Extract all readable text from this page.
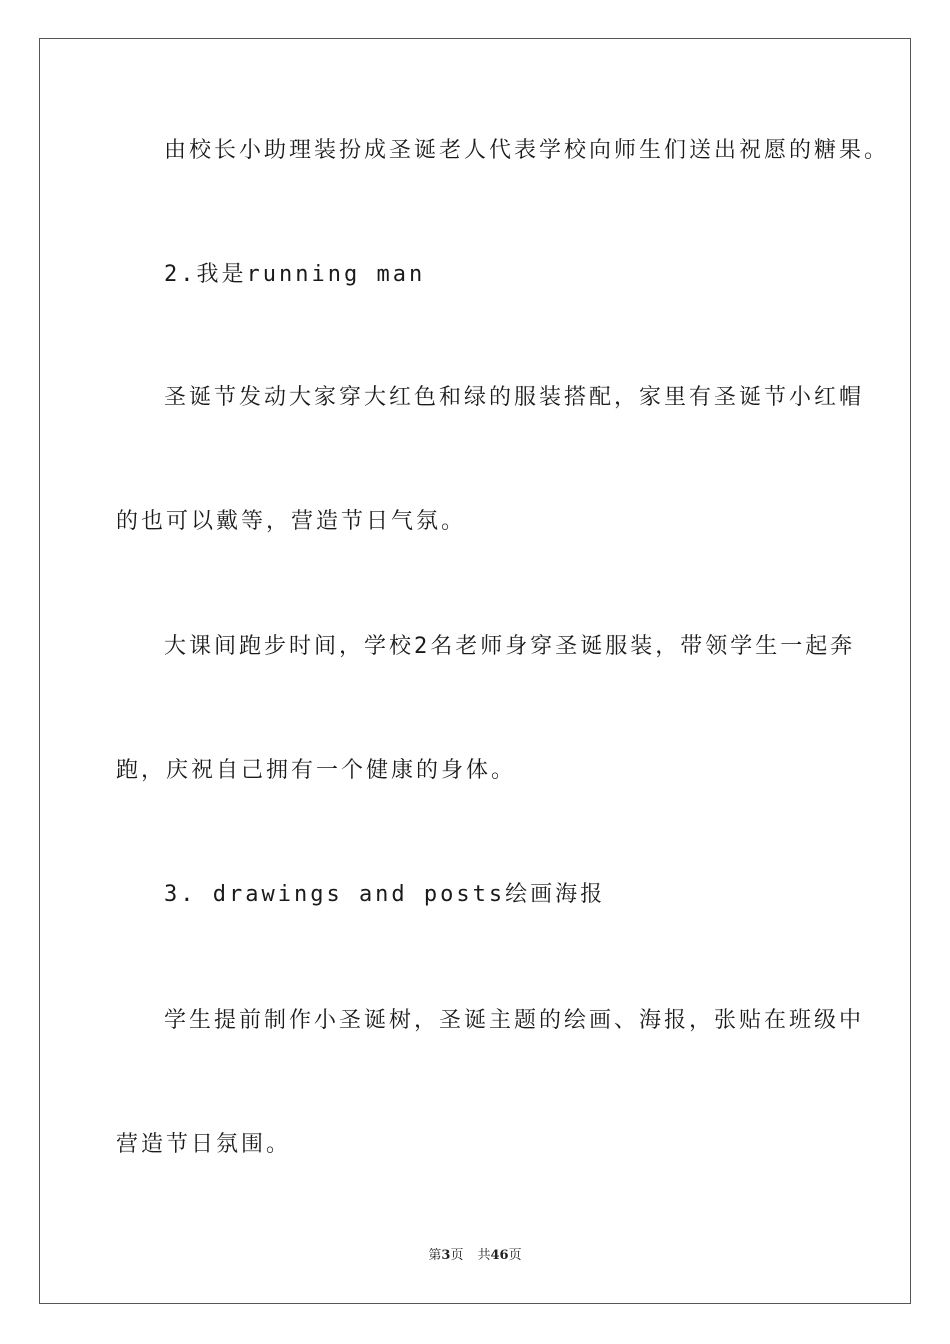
由校长小助理装扮成圣诞老人代表学校向师生们送出祝愿的糖果。

2.我是running man

圣诞节发动大家穿大红色和绿的服装搭配，家里有圣诞节小红帽

的也可以戴等，营造节日气氛。

大课间跑步时间，学校2名老师身穿圣诞服装，带领学生一起奔

跑，庆祝自己拥有一个健康的身体。

3. drawings and posts绘画海报

学生提前制作小圣诞树，圣诞主题的绘画、海报，张贴在班级中

营造节日氛围。

第3页 共46页
